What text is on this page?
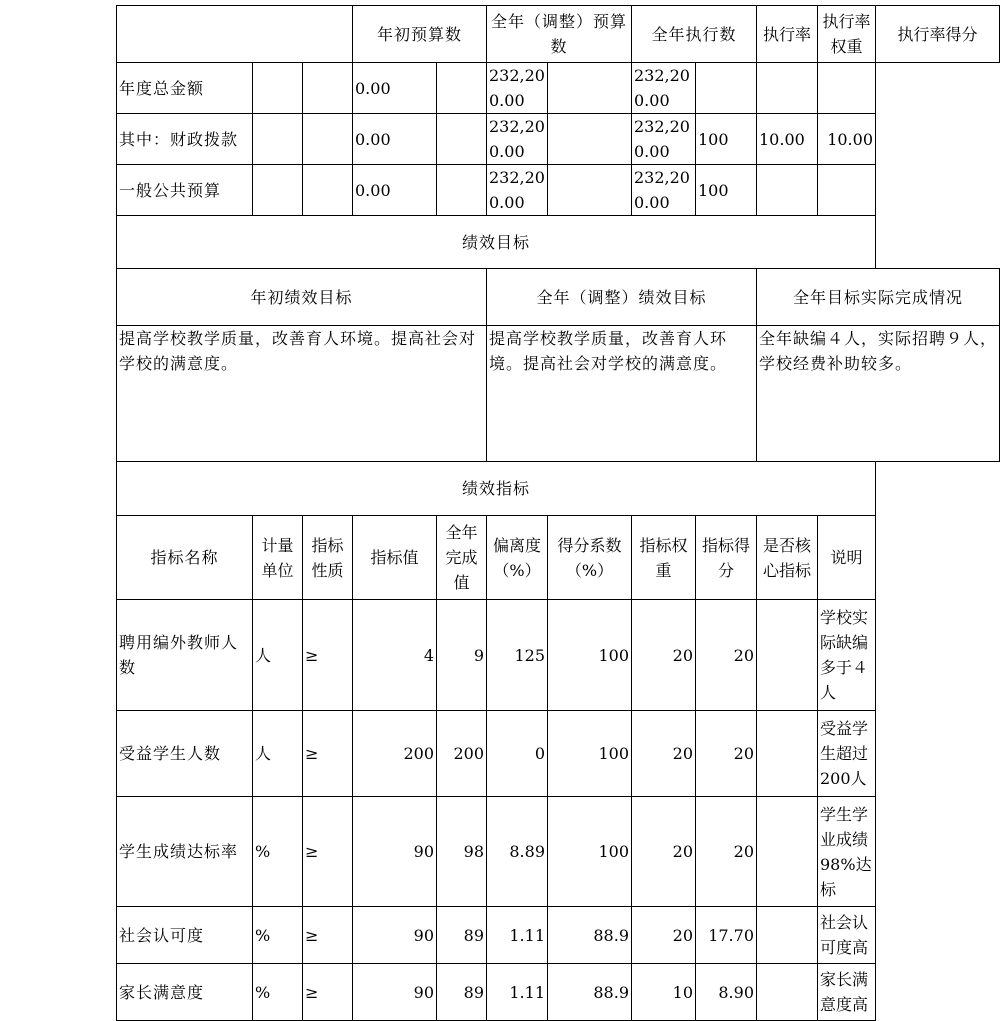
			年初预算数		全年（调整）预算数		全年执行数		执行率	执行率权重	执行率得分
年度总金额			0.00		232,200.00		232,200.00				
其中：财政拨款			0.00		232,200.00		232,200.00	100	10.00	10.00	
一般公共预算			0.00		232,200.00		232,200.00	100			
绩效目标											
年初绩效目标					全年（调整）绩效目标				全年目标实际完成情况		
提高学校教学质量，改善育人环境。提高社会对学校的满意度。					提高学校教学质量，改善育人环境。提高社会对学校的满意度。				全年缺编４人，实际招聘９人，学校经费补助较多。		
绩效指标											
指标名称	计量单位	指标性质	指标值	全年完成值	偏离度（%）	得分系数（%）	指标权重	指标得分	是否核心指标	说明	
聘用编外教师人数	人	≥	4	9	125	100	20	20		学校实际缺编多于４人	
受益学生人数	人	≥	200	200	0	100	20	20		受益学生超过200人	
学生成绩达标率	%	≥	90	98	8.89	100	20	20		学生学业成绩98%达标	
社会认可度	%	≥	90	89	1.11	88.9	20	17.70		社会认可度高	
家长满意度	%	≥	90	89	1.11	88.9	10	8.90		家长满意度高	
